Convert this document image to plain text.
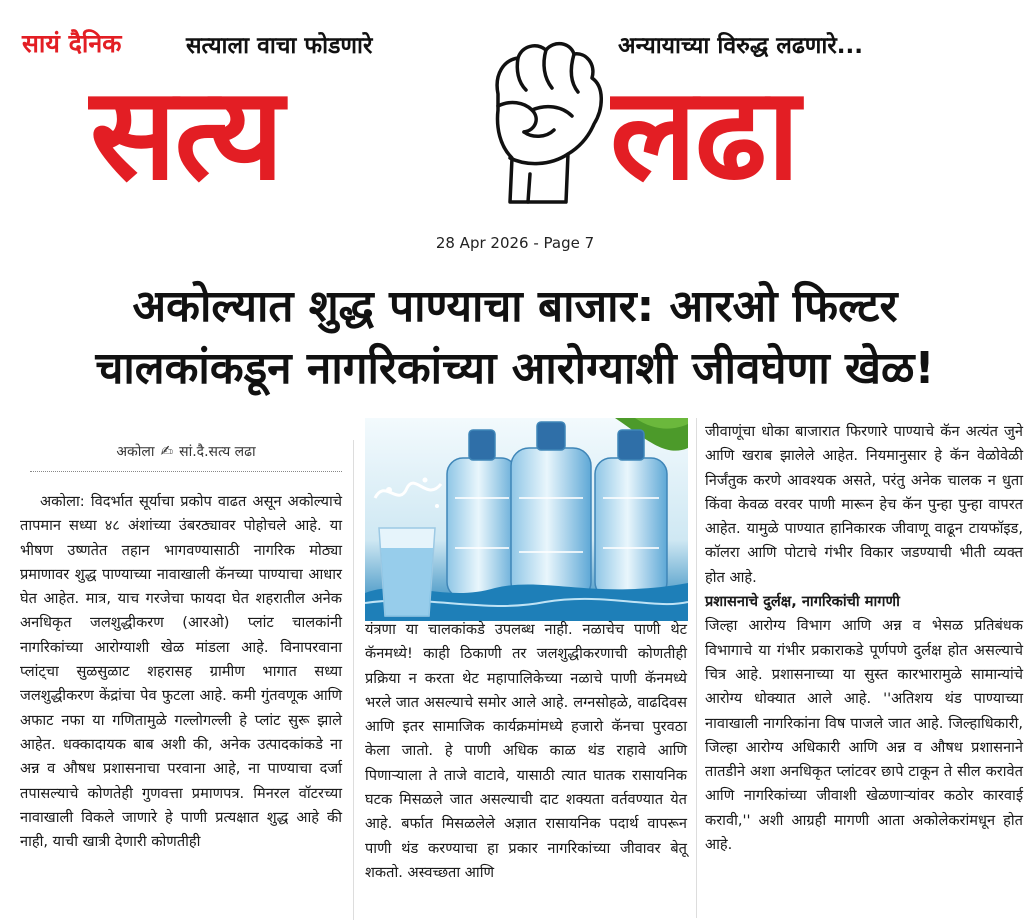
सायं दैनिक	सत्याला वाचा फोडणारे	अन्यायाच्या विरुद्ध लढणारे...
सत्य	लढा
28 Apr 2026 - Page 7
अकोल्यात शुद्ध पाण्याचा बाजार: आरओ फिल्टर
चालकांकडून नागरिकांच्या आरोग्याशी जीवघेणा खेळ!
अकोला ✍ सां.दै.सत्य लढा

अकोला: विदर्भात सूर्याचा प्रकोप वाढत असून अकोल्याचे तापमान सध्या ४८ अंशांच्या उंबरठ्यावर पोहोचले आहे. या भीषण उष्णतेत तहान भागवण्यासाठी नागरिक मोठ्या प्रमाणावर शुद्ध पाण्याच्या नावाखाली कॅनच्या पाण्याचा आधार घेत आहेत. मात्र, याच गरजेचा फायदा घेत शहरातील अनेक अनधिकृत जलशुद्धीकरण (आरओ) प्लांट चालकांनी नागरिकांच्या आरोग्याशी खेळ मांडला आहे. विनापरवाना प्लांट्चा सुळसुळाट शहरासह ग्रामीण भागात सध्या जलशुद्धीकरण केंद्रांचा पेव फुटला आहे. कमी गुंतवणूक आणि अफाट नफा या गणितामुळे गल्लोगल्ली हे प्लांट सुरू झाले आहेत. धक्कादायक बाब अशी की, अनेक उत्पादकांकडे ना अन्न व औषध प्रशासनाचा परवाना आहे, ना पाण्याचा दर्जा तपासल्याचे कोणतेही गुणवत्ता प्रमाणपत्र. मिनरल वॉटरच्या नावाखाली विकले जाणारे हे पाणी प्रत्यक्षात शुद्ध आहे की नाही, याची खात्री देणारी कोणतीही

यंत्रणा या चालकांकडे उपलब्ध नाही. नळाचेच पाणी थेट कॅनमध्ये! काही ठिकाणी तर जलशुद्धीकरणाची कोणतीही प्रक्रिया न करता थेट महापालिकेच्या नळाचे पाणी कॅनमध्ये भरले जात असल्याचे समोर आले आहे. लग्नसोहळे, वाढदिवस आणि इतर सामाजिक कार्यक्रमांमध्ये हजारो कॅनचा पुरवठा केला जातो. हे पाणी अधिक काळ थंड राहावे आणि पिणाऱ्याला ते ताजे वाटावे, यासाठी त्यात घातक रासायनिक घटक मिसळले जात असल्याची दाट शक्यता वर्तवण्यात येत आहे. बर्फात मिसळलेले अज्ञात रासायनिक पदार्थ वापरून पाणी थंड करण्याचा हा प्रकार नागरिकांच्या जीवावर बेतू शकतो. अस्वच्छता आणि

जीवाणूंचा धोका बाजारात फिरणारे पाण्याचे कॅन अत्यंत जुने आणि खराब झालेले आहेत. नियमानुसार हे कॅन वेळोवेळी निर्जंतुक करणे आवश्यक असते, परंतु अनेक चालक न धुता किंवा केवळ वरवर पाणी मारून हेच कॅन पुन्हा पुन्हा वापरत आहेत. यामुळे पाण्यात हानिकारक जीवाणू वाढून टायफॉइड, कॉलरा आणि पोटाचे गंभीर विकार जडण्याची भीती व्यक्त होत आहे.

प्रशासनाचे दुर्लक्ष, नागरिकांची मागणी

जिल्हा आरोग्य विभाग आणि अन्न व भेसळ प्रतिबंधक विभागाचे या गंभीर प्रकाराकडे पूर्णपणे दुर्लक्ष होत असल्याचे चित्र आहे. प्रशासनाच्या या सुस्त कारभारामुळे सामान्यांचे आरोग्य धोक्यात आले आहे. ''अतिशय थंड पाण्याच्या नावाखाली नागरिकांना विष पाजले जात आहे. जिल्हाधिकारी, जिल्हा आरोग्य अधिकारी आणि अन्न व औषध प्रशासनाने तातडीने अशा अनधिकृत प्लांटवर छापे टाकून ते सील करावेत आणि नागरिकांच्या जीवाशी खेळणाऱ्यांवर कठोर कारवाई करावी,'' अशी आग्रही मागणी आता अकोलेकरांमधून होत आहे.
